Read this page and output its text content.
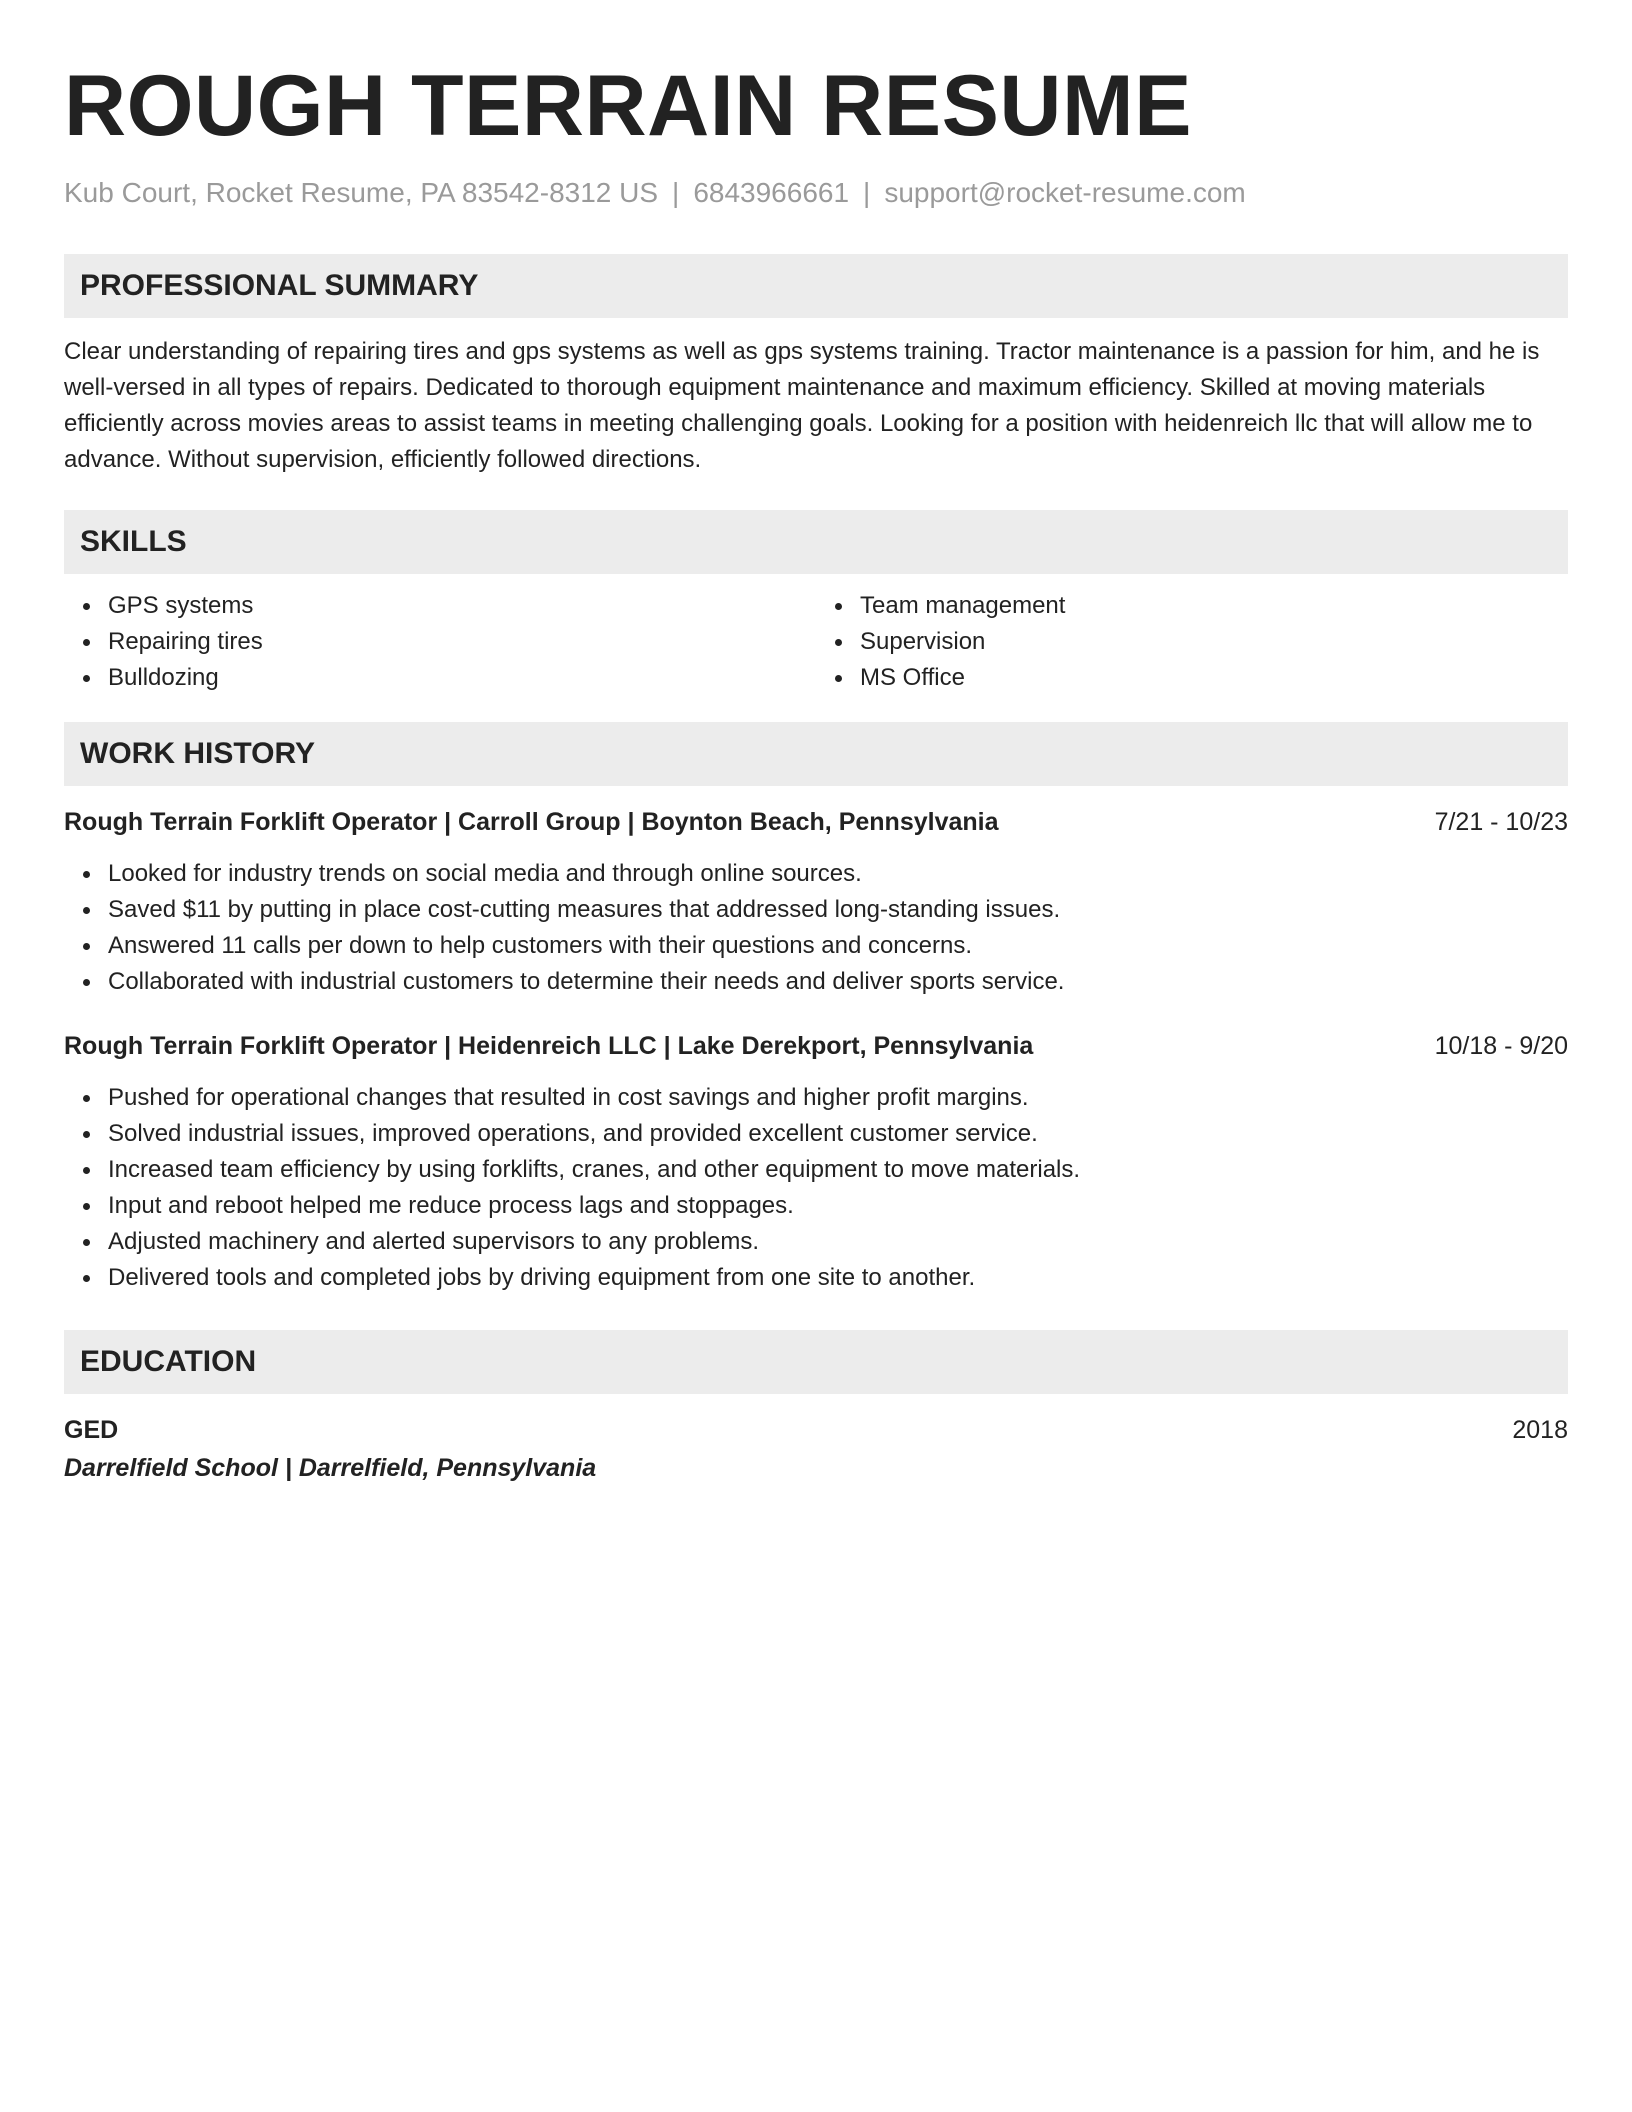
ROUGH TERRAIN RESUME
Kub Court, Rocket Resume, PA 83542-8312 US | 6843966661 | support@rocket-resume.com
PROFESSIONAL SUMMARY
Clear understanding of repairing tires and gps systems as well as gps systems training. Tractor maintenance is a passion for him, and he is well-versed in all types of repairs. Dedicated to thorough equipment maintenance and maximum efficiency. Skilled at moving materials efficiently across movies areas to assist teams in meeting challenging goals. Looking for a position with heidenreich llc that will allow me to advance. Without supervision, efficiently followed directions.
SKILLS
GPS systems
Repairing tires
Bulldozing
Team management
Supervision
MS Office
WORK HISTORY
Rough Terrain Forklift Operator | Carroll Group | Boynton Beach, Pennsylvania	7/21 - 10/23
Looked for industry trends on social media and through online sources.
Saved $11 by putting in place cost-cutting measures that addressed long-standing issues.
Answered 11 calls per down to help customers with their questions and concerns.
Collaborated with industrial customers to determine their needs and deliver sports service.
Rough Terrain Forklift Operator | Heidenreich LLC | Lake Derekport, Pennsylvania	10/18 - 9/20
Pushed for operational changes that resulted in cost savings and higher profit margins.
Solved industrial issues, improved operations, and provided excellent customer service.
Increased team efficiency by using forklifts, cranes, and other equipment to move materials.
Input and reboot helped me reduce process lags and stoppages.
Adjusted machinery and alerted supervisors to any problems.
Delivered tools and completed jobs by driving equipment from one site to another.
EDUCATION
GED	2018
Darrelfield School | Darrelfield, Pennsylvania
